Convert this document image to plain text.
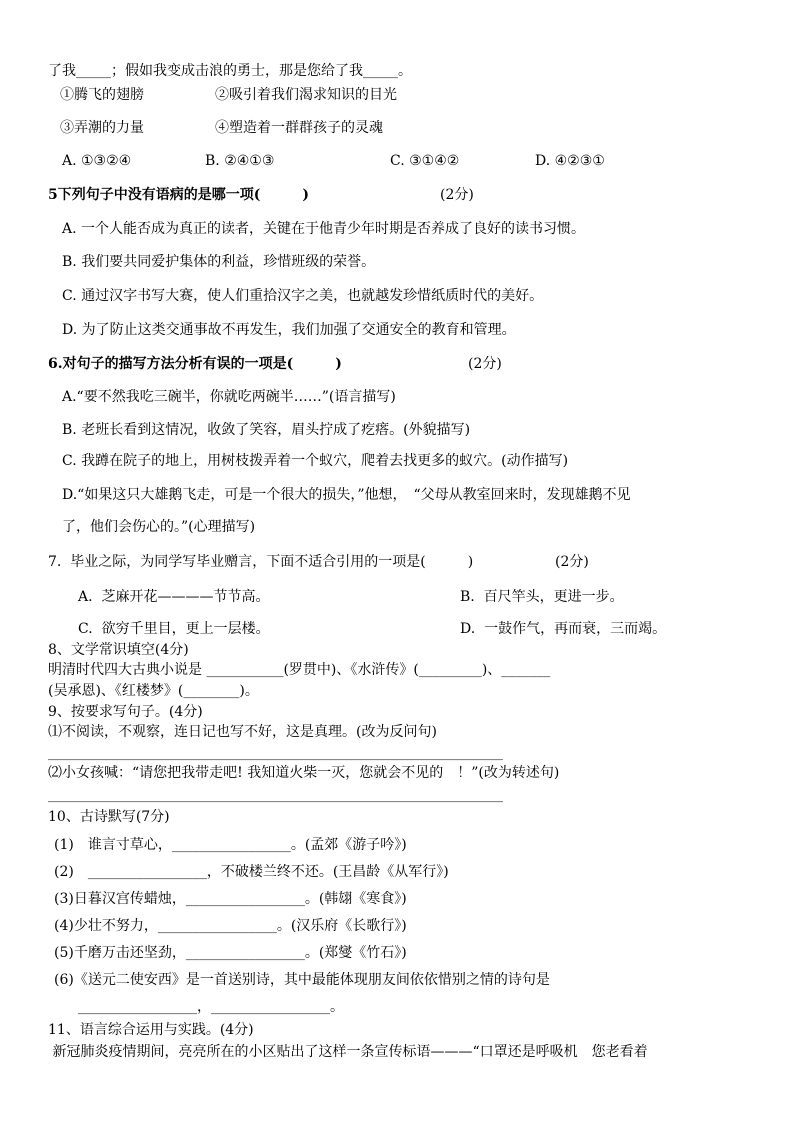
了我_____；假如我变成击浪的勇士，那是您给了我_____。
①腾飞的翅膀	②吸引着我们渴求知识的目光
③弄潮的力量	④塑造着一群群孩子的灵魂
A. ①③②④	B. ②④①③	C. ③①④②	D. ④②③①
5下列句子中没有语病的是哪一项(　　　)	(2分)
A. 一个人能否成为真正的读者，关键在于他青少年时期是否养成了良好的读书习惯。
B. 我们要共同爱护集体的利益，珍惜班级的荣誉。
C. 通过汉字书写大赛，使人们重拾汉字之美，也就越发珍惜纸质时代的美好。
D. 为了防止这类交通事故不再发生，我们加强了交通安全的教育和管理。
6.对句子的描写方法分析有误的一项是(　　　)	(2分)
A.“要不然我吃三碗半，你就吃两碗半……”(语言描写)
B. 老班长看到这情况，收敛了笑容，眉头拧成了疙瘩。(外貌描写)
C. 我蹲在院子的地上，用树枝拨弄着一个蚁穴，爬着去找更多的蚁穴。(动作描写)
D.“如果这只大雄鹅飞走，可是一个很大的损失，”他想，　“父母从教室回来时，发现雄鹅不见
了，他们会伤心的。”(心理描写)
7.  毕业之际，为同学写毕业赠言，下面不适合引用的一项是(　　　)	(2分)
A.  芝麻开花————节节高。	B.  百尺竿头，更进一步。
C.  欲穷千里目，更上一层楼。	D.  一鼓作气，再而衰，三而竭。
8、文学常识填空(4分)
明清时代四大古典小说是 ___________(罗贯中)、《水浒传》(_________)、_______
(吴承恩)、《红楼梦》(________)。
9、按要求写句子。(4分)
⑴不阅读，不观察，连日记也写不好，这是真理。(改为反问句)
_________________________________________________________________
⑵小女孩喊：“请您把我带走吧! 我知道火柴一灭，您就会不见的　！”(改为转述句)
_________________________________________________________________
10、古诗默写(7分)
(1)　谁言寸草心，_________________。(孟郊《游子吟》)
(2)　_________________，不破楼兰终不还。(王昌龄《从军行》)
(3)日暮汉宫传蜡烛，_________________。(韩翃《寒食》)
(4)少壮不努力，_________________。(汉乐府《长歌行》)
(5)千磨万击还坚劲，_________________。(郑燮《竹石》)
(6)《送元二使安西》是一首送别诗，其中最能体现朋友间依依惜别之情的诗句是
_________________，_________________。
11、语言综合运用与实践。(4分)
新冠肺炎疫情期间，亮亮所在的小区贴出了这样一条宣传标语———“口罩还是呼吸机　您老看着
